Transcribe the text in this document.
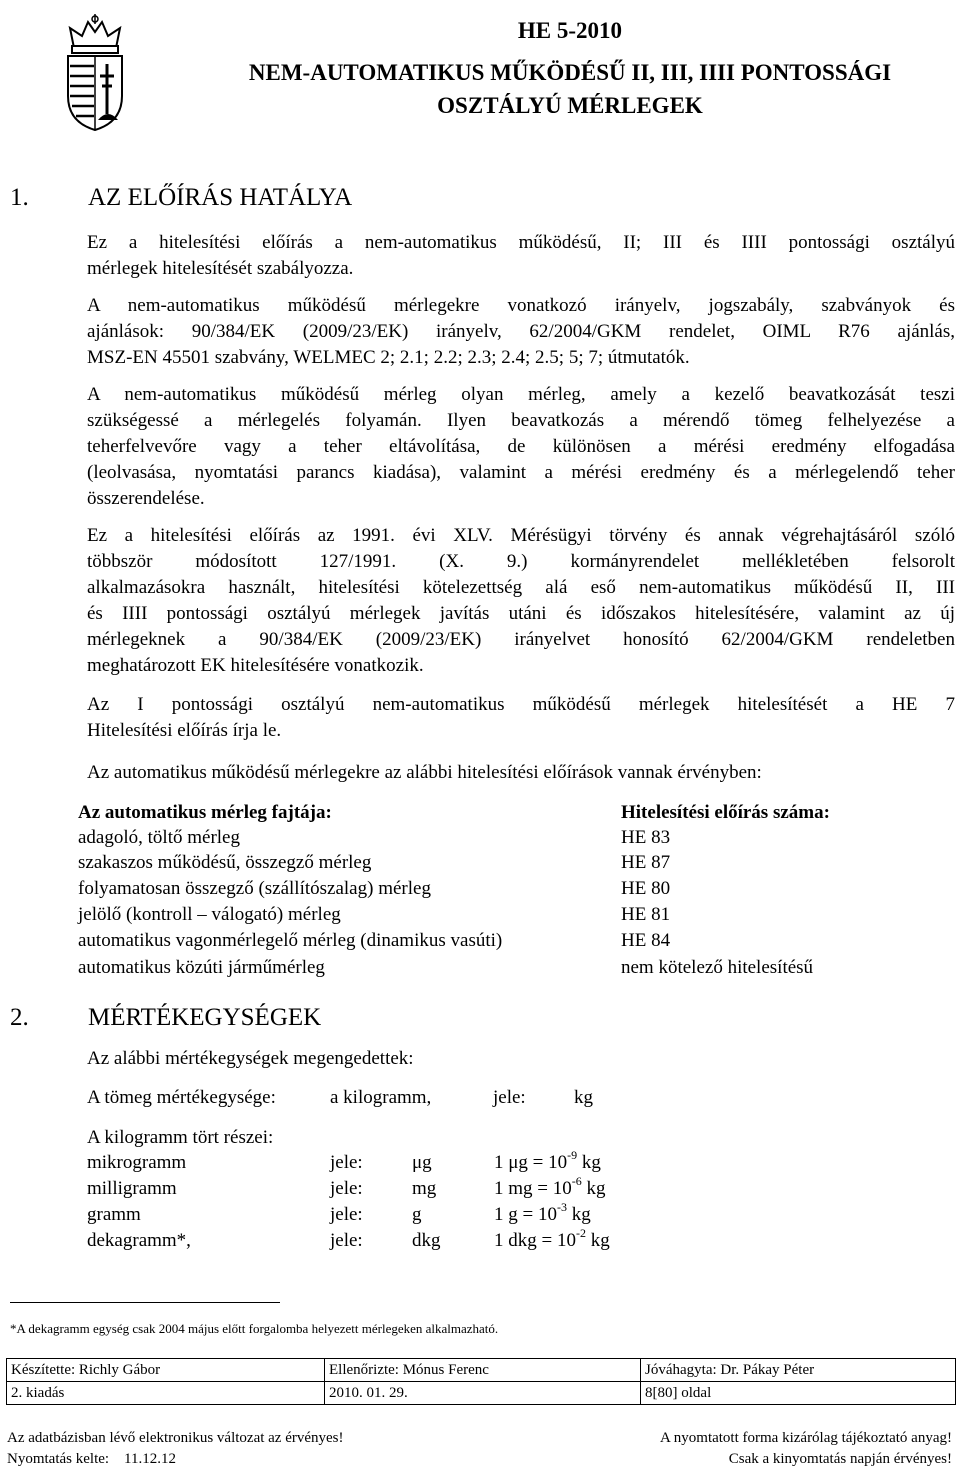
HE 5-2010
NEM-AUTOMATIKUS MŰKÖDÉSŰ II, III, IIII PONTOSSÁGI
OSZTÁLYÚ MÉRLEGEK
1. AZ ELŐÍRÁS HATÁLYA
Ez a hitelesítési előírás a nem-automatikus működésű, II; III és IIII pontossági osztályú
mérlegek hitelesítését szabályozza.
A nem-automatikus működésű mérlegekre vonatkozó irányelv, jogszabály, szabványok és
ajánlások: 90/384/EK (2009/23/EK) irányelv, 62/2004/GKM rendelet, OIML R76 ajánlás,
MSZ-EN 45501 szabvány, WELMEC 2; 2.1; 2.2; 2.3; 2.4; 2.5; 5; 7; útmutatók.
A nem-automatikus működésű mérleg olyan mérleg, amely a kezelő beavatkozását teszi
szükségessé a mérlegelés folyamán. Ilyen beavatkozás a mérendő tömeg felhelyezése a
teherfelvevőre vagy a teher eltávolítása, de különösen a mérési eredmény elfogadása
(leolvasása, nyomtatási parancs kiadása), valamint a mérési eredmény és a mérlegelendő teher
összerendelése.
Ez a hitelesítési előírás az 1991. évi XLV. Mérésügyi törvény és annak végrehajtásáról szóló
többször módosított 127/1991. (X. 9.) kormányrendelet mellékletében felsorolt
alkalmazásokra használt, hitelesítési kötelezettség alá eső nem-automatikus működésű II, III
és IIII pontossági osztályú mérlegek javítás utáni és időszakos hitelesítésére, valamint az új
mérlegeknek a 90/384/EK (2009/23/EK) irányelvet honosító 62/2004/GKM rendeletben
meghatározott EK hitelesítésére vonatkozik.
Az I pontossági osztályú nem-automatikus működésű mérlegek hitelesítését a HE 7
Hitelesítési előírás írja le.
Az automatikus működésű mérlegekre az alábbi hitelesítési előírások vannak érvényben:
Az automatikus mérleg fajtája:	Hitelesítési előírás száma:
adagoló, töltő mérleg	HE 83
szakaszos működésű, összegző mérleg	HE 87
folyamatosan összegző (szállítószalag) mérleg	HE 80
jelölő (kontroll – válogató) mérleg	HE 81
automatikus vagonmérlegelő mérleg (dinamikus vasúti)	HE 84
automatikus közúti járműmérleg	nem kötelező hitelesítésű
2. MÉRTÉKEGYSÉGEK
Az alábbi mértékegységek megengedettek:
A tömeg mértékegysége:	a kilogramm,	jele:	kg
A kilogramm tört részei:
mikrogramm	jele:	μg	1 $\mu g = 10^{-9}$ kg
milligramm	jele:	mg	1 mg = $10^{-6}$ kg
gramm	jele:	g	1 $g = 10^{-3}$ kg
dekagramm*,	jele:	dkg	1 dkg = $10^{-2}$ kg
*A dekagramm egység csak 2004 május előtt forgalomba helyezett mérlegeken alkalmazható.
Készítette: Richly Gábor	Ellenőrizte: Mónus Ferenc	Jóváhagyta: Dr. Pákay Péter
2. kiadás	2010. 01. 29.	8[80] oldal
Az adatbázisban lévő elektronikus változat az érvényes!	A nyomtatott forma kizárólag tájékoztató anyag!
Nyomtatás kelte:    11.12.12	Csak a kinyomtatás napján érvényes!
